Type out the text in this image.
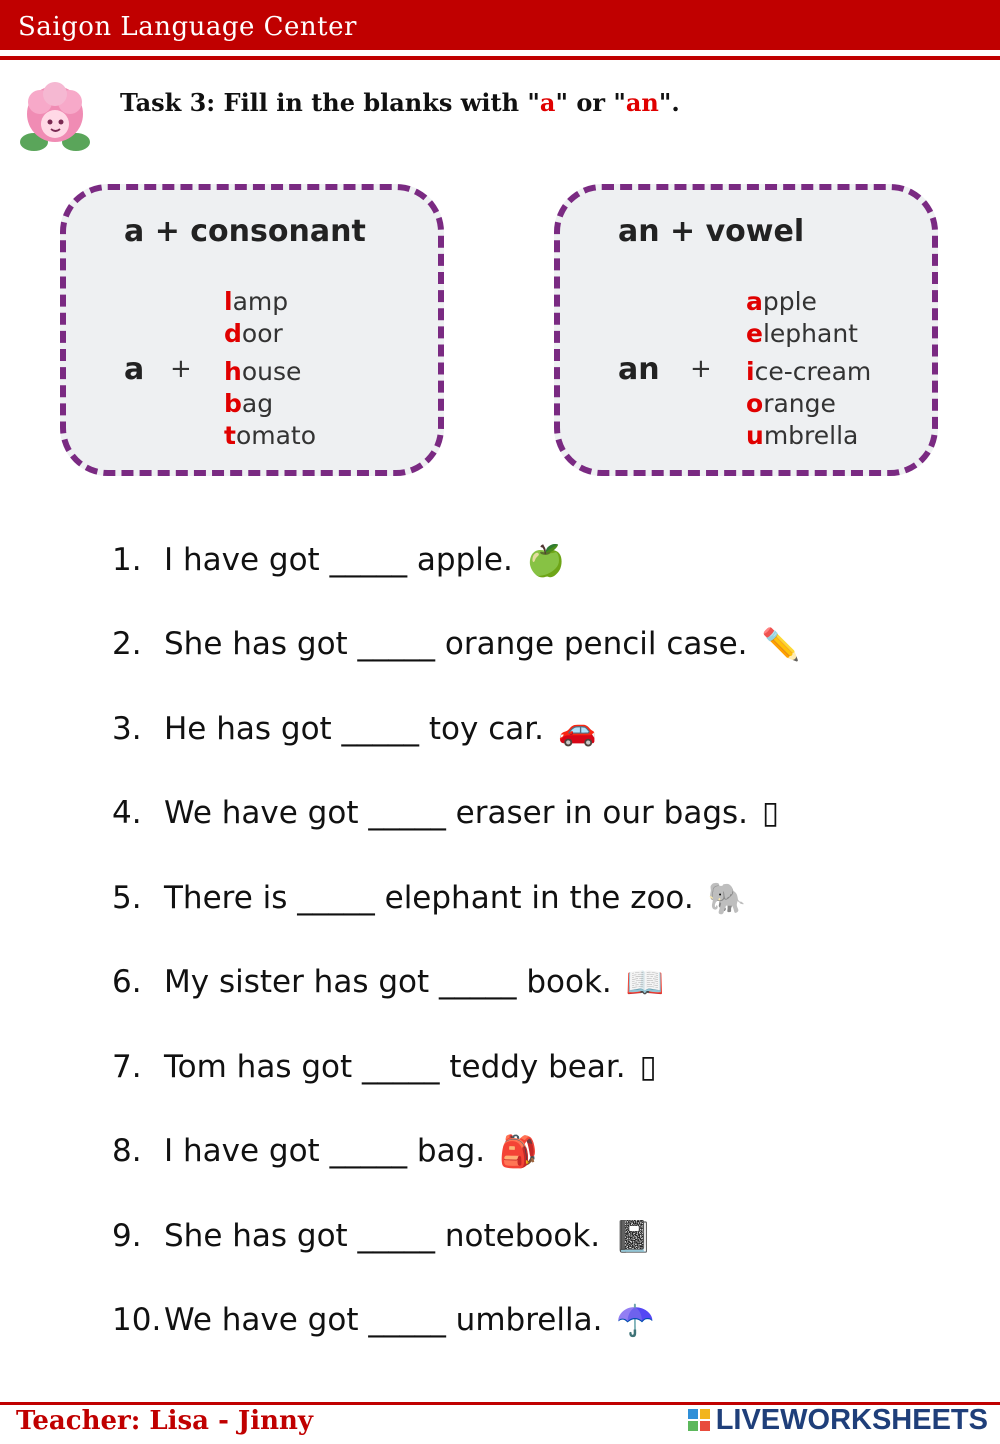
Saigon Language Center
Task 3: Fill in the blanks with "a" or "an".
a + consonant
a +
lamp
door
house
bag
tomato
an + vowel
an +
apple
elephant
ice-cream
orange
umbrella
1. I have got _____ apple. 🍏
2. She has got _____ orange pencil case. ✏️
3. He has got _____ toy car. 🚗
4. We have got _____ eraser in our bags. ▯
5. There is _____ elephant in the zoo. 🐘
6. My sister has got _____ book. 📖
7. Tom has got _____ teddy bear. ▯
8. I have got _____ bag. 🎒
9. She has got _____ notebook. 📓
10. We have got _____ umbrella. ☂️
Teacher: Lisa - Jinny	LIVEWORKSHEETS
